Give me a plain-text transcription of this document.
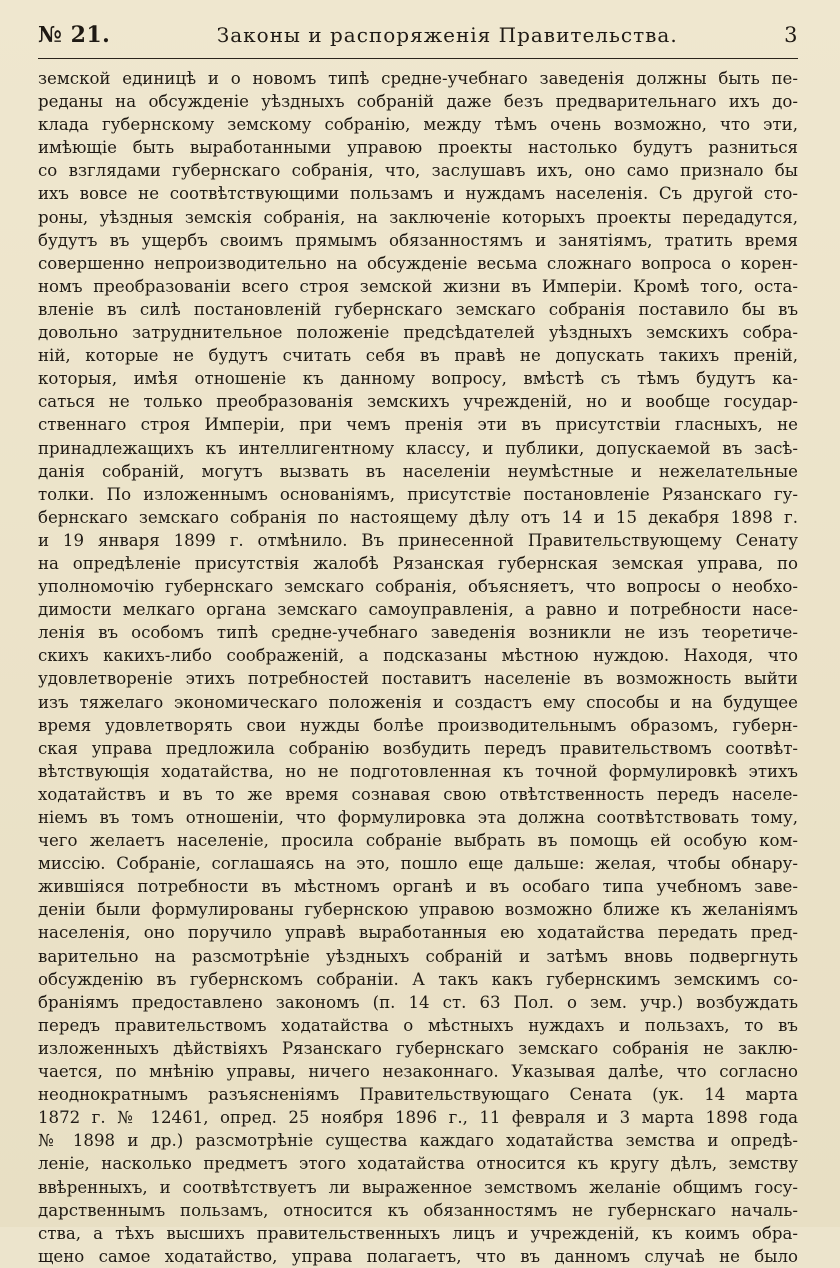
№ 21.	Законы и распоряженія Правительства.	3
земской единицѣ и о новомъ типѣ средне-учебнаго заведенія должны быть пе-
реданы на обсужденіе уѣздныхъ собраній даже безъ предварительнаго ихъ до-
клада губернскому земскому собранію, между тѣмъ очень возможно, что эти,
имѣющіе быть выработанными управою проекты настолько будутъ разниться
со взглядами губернскаго собранія, что, заслушавъ ихъ, оно само признало бы
ихъ вовсе не соотвѣтствующими пользамъ и нуждамъ населенія. Съ другой сто-
роны, уѣздныя земскія собранія, на заключеніе которыхъ проекты передадутся,
будутъ въ ущербъ своимъ прямымъ обязанностямъ и занятіямъ, тратить время
совершенно непроизводительно на обсужденіе весьма сложнаго вопроса о корен-
номъ преобразованіи всего строя земской жизни въ Имперіи. Кромѣ того, оста-
вленіе въ силѣ постановленій губернскаго земскаго собранія поставило бы въ
довольно затруднительное положеніе предсѣдателей уѣздныхъ земскихъ собра-
ній, которые не будутъ считать себя въ правѣ не допускать такихъ преній,
которыя, имѣя отношеніе къ данному вопросу, вмѣстѣ съ тѣмъ будутъ ка-
саться не только преобразованія земскихъ учрежденій, но и вообще государ-
ственнаго строя Имперіи, при чемъ пренія эти въ присутствіи гласныхъ, не
принадлежащихъ къ интеллигентному классу, и публики, допускаемой въ засѣ-
данія собраній, могутъ вызвать въ населеніи неумѣстные и нежелательные
толки. По изложеннымъ основаніямъ, присутствіе постановленіе Рязанскаго гу-
бернскаго земскаго собранія по настоящему дѣлу отъ 14 и 15 декабря 1898 г.
и 19 января 1899 г. отмѣнило. Въ принесенной Правительствующему Сенату
на опредѣленіе присутствія жалобѣ Рязанская губернская земская управа, по
уполномочію губернскаго земскаго собранія, объясняетъ, что вопросы о необхо-
димости мелкаго органа земскаго самоуправленія, а равно и потребности насе-
ленія въ особомъ типѣ средне-учебнаго заведенія возникли не изъ теоретиче-
скихъ какихъ-либо соображеній, а подсказаны мѣстною нуждою. Находя, что
удовлетвореніе этихъ потребностей поставитъ населеніе въ возможность выйти
изъ тяжелаго экономическаго положенія и создастъ ему способы и на будущее
время удовлетворять свои нужды болѣе производительнымъ образомъ, губерн-
ская управа предложила собранію возбудить передъ правительствомъ соотвѣт-
вѣтствующія ходатайства, но не подготовленная къ точной формулировкѣ этихъ
ходатайствъ и въ то же время сознавая свою отвѣтственность передъ населе-
ніемъ въ томъ отношеніи, что формулировка эта должна соотвѣтствовать тому,
чего желаетъ населеніе, просила собраніе выбрать въ помощь ей особую ком-
миссію. Собраніе, соглашаясь на это, пошло еще дальше: желая, чтобы обнару-
жившіяся потребности въ мѣстномъ органѣ и въ особаго типа учебномъ заве-
деніи были формулированы губернскою управою возможно ближе къ желаніямъ
населенія, оно поручило управѣ выработанныя ею ходатайства передать пред-
варительно на разсмотрѣніе уѣздныхъ собраній и затѣмъ вновь подвергнуть
обсужденію въ губернскомъ собраніи. А такъ какъ губернскимъ земскимъ со-
браніямъ предоставлено закономъ (п. 14 ст. 63 Пол. о зем. учр.) возбуждать
передъ правительствомъ ходатайства о мѣстныхъ нуждахъ и пользахъ, то въ
изложенныхъ дѣйствіяхъ Рязанскаго губернскаго земскаго собранія не заклю-
чается, по мнѣнію управы, ничего незаконнаго. Указывая далѣе, что согласно
неоднократнымъ разъясненіямъ Правительствующаго Сената (ук. 14 марта
1872 г. № 12461, опред. 25 ноября 1896 г., 11 февраля и 3 марта 1898 года
№ 1898 и др.) разсмотрѣніе существа каждаго ходатайства земства и опредѣ-
леніе, насколько предметъ этого ходатайства относится къ кругу дѣлъ, земству
ввѣренныхъ, и соотвѣтствуетъ ли выраженное земствомъ желаніе общимъ госу-
дарственнымъ пользамъ, относится къ обязанностямъ не губернскаго началь-
ства, а тѣхъ высшихъ правительственныхъ лицъ и учрежденій, къ коимъ обра-
щено самое ходатайство, управа полагаетъ, что въ данномъ случаѣ не было
